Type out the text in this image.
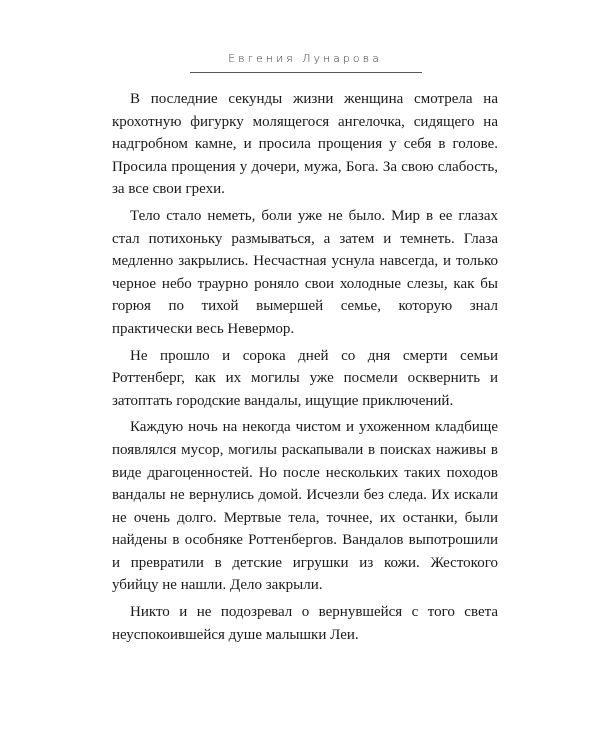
Евгения Лунарова

В последние секунды жизни женщина смотрела на крохотную фигурку молящегося ангелочка, сидящего на надгробном камне, и просила прощения у себя в голове. Просила прощения у дочери, мужа, Бога. За свою слабость, за все свои грехи.

Тело стало неметь, боли уже не было. Мир в ее глазах стал потихоньку размываться, а затем и темнеть. Глаза медленно закрылись. Несчастная уснула навсегда, и только черное небо траурно роняло свои холодные слезы, как бы горюя по тихой вымершей семье, которую знал практически весь Невермор.

Не прошло и сорока дней со дня смерти семьи Роттенберг, как их могилы уже посмели осквернить и затоптать городские вандалы, ищущие приключений.

Каждую ночь на некогда чистом и ухоженном кладбище появлялся мусор, могилы раскапывали в поисках наживы в виде драгоценностей. Но после нескольких таких походов вандалы не вернулись домой. Исчезли без следа. Их искали не очень долго. Мертвые тела, точнее, их останки, были найдены в особняке Роттенбергов. Вандалов выпотрошили и превратили в детские игрушки из кожи. Жестокого убийцу не нашли. Дело закрыли.

Никто и не подозревал о вернувшейся с того света неуспокоившейся душе малышки Леи.
